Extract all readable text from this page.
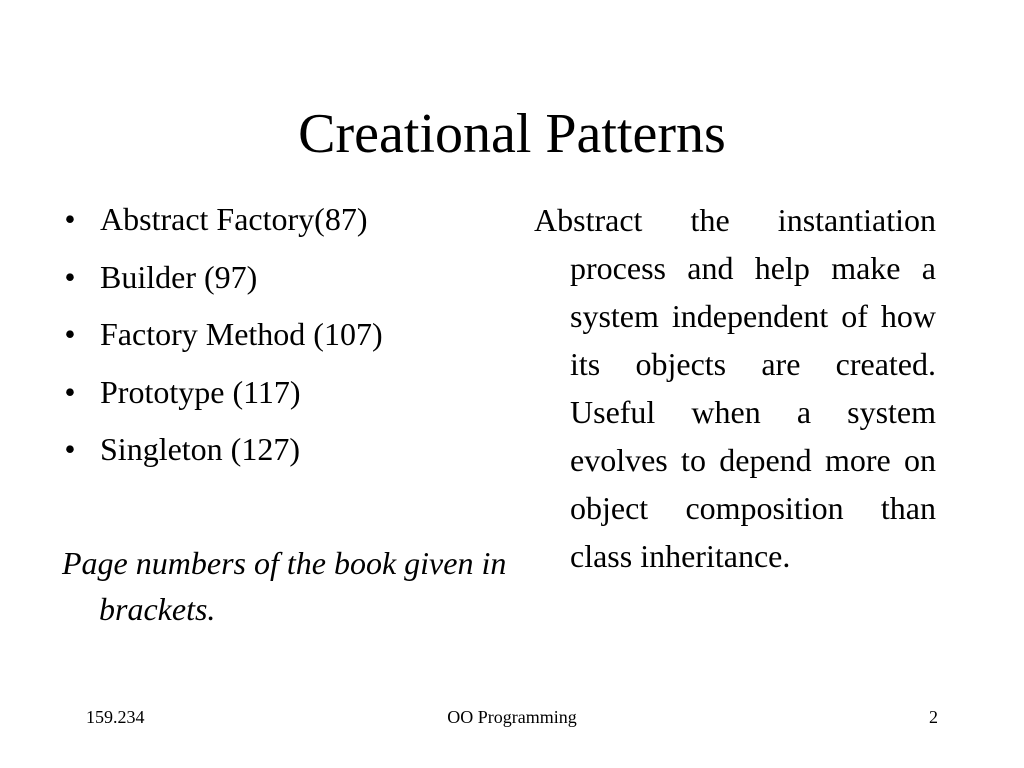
Creational Patterns
• Abstract Factory(87)
• Builder (97)
• Factory Method (107)
• Prototype (117)
• Singleton (127)

Page numbers of the book given in brackets.

Abstract the instantiation process and help make a system independent of how its objects are created. Useful when a system evolves to depend more on object composition than class inheritance.

159.234	OO Programming	2
